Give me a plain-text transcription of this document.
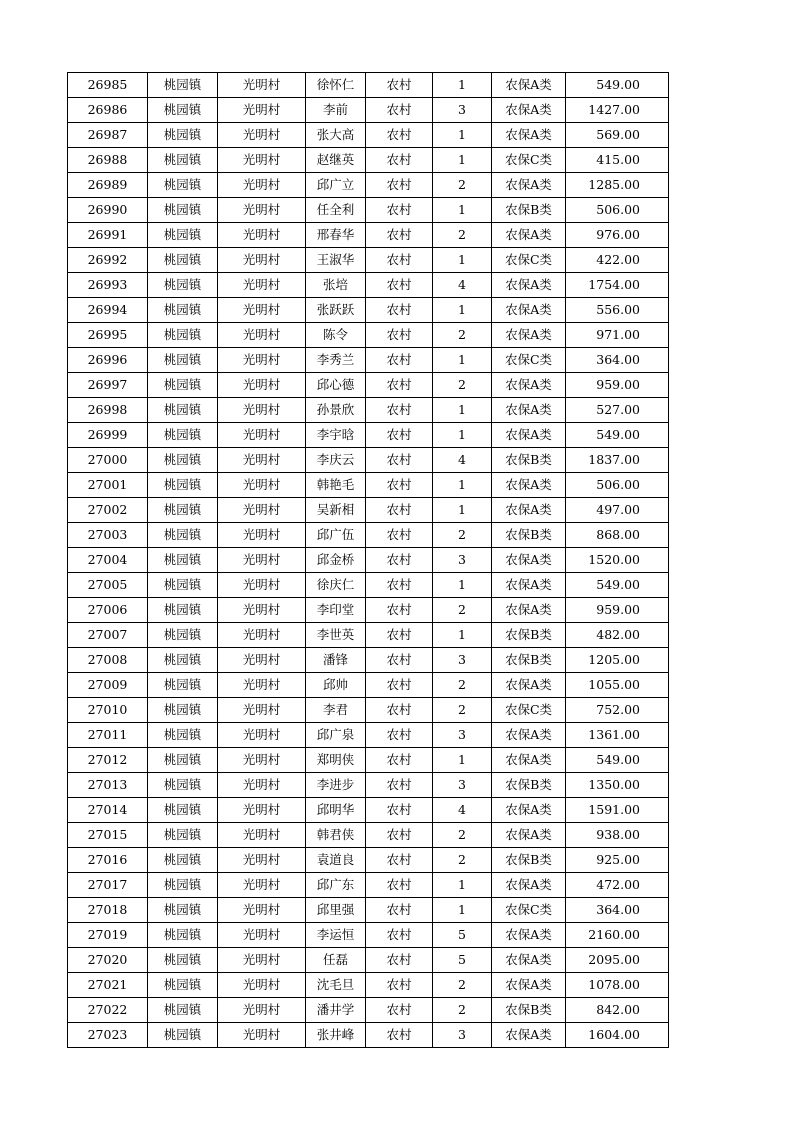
26985	桃园镇	光明村	徐怀仁	农村	1	农保A类	549.00
26986	桃园镇	光明村	李前	农村	3	农保A类	1427.00
26987	桃园镇	光明村	张大高	农村	1	农保A类	569.00
26988	桃园镇	光明村	赵继英	农村	1	农保C类	415.00
26989	桃园镇	光明村	邱广立	农村	2	农保A类	1285.00
26990	桃园镇	光明村	任全利	农村	1	农保B类	506.00
26991	桃园镇	光明村	邢春华	农村	2	农保A类	976.00
26992	桃园镇	光明村	王淑华	农村	1	农保C类	422.00
26993	桃园镇	光明村	张培	农村	4	农保A类	1754.00
26994	桃园镇	光明村	张跃跃	农村	1	农保A类	556.00
26995	桃园镇	光明村	陈令	农村	2	农保A类	971.00
26996	桃园镇	光明村	李秀兰	农村	1	农保C类	364.00
26997	桃园镇	光明村	邱心德	农村	2	农保A类	959.00
26998	桃园镇	光明村	孙景欣	农村	1	农保A类	527.00
26999	桃园镇	光明村	李宇晗	农村	1	农保A类	549.00
27000	桃园镇	光明村	李庆云	农村	4	农保B类	1837.00
27001	桃园镇	光明村	韩艳毛	农村	1	农保A类	506.00
27002	桃园镇	光明村	吴新相	农村	1	农保A类	497.00
27003	桃园镇	光明村	邱广伍	农村	2	农保B类	868.00
27004	桃园镇	光明村	邱金桥	农村	3	农保A类	1520.00
27005	桃园镇	光明村	徐庆仁	农村	1	农保A类	549.00
27006	桃园镇	光明村	李印堂	农村	2	农保A类	959.00
27007	桃园镇	光明村	李世英	农村	1	农保B类	482.00
27008	桃园镇	光明村	潘锋	农村	3	农保B类	1205.00
27009	桃园镇	光明村	邱帅	农村	2	农保A类	1055.00
27010	桃园镇	光明村	李君	农村	2	农保C类	752.00
27011	桃园镇	光明村	邱广泉	农村	3	农保A类	1361.00
27012	桃园镇	光明村	郑明侠	农村	1	农保A类	549.00
27013	桃园镇	光明村	李进步	农村	3	农保B类	1350.00
27014	桃园镇	光明村	邱明华	农村	4	农保A类	1591.00
27015	桃园镇	光明村	韩君侠	农村	2	农保A类	938.00
27016	桃园镇	光明村	袁道良	农村	2	农保B类	925.00
27017	桃园镇	光明村	邱广东	农村	1	农保A类	472.00
27018	桃园镇	光明村	邱里强	农村	1	农保C类	364.00
27019	桃园镇	光明村	李运恒	农村	5	农保A类	2160.00
27020	桃园镇	光明村	任磊	农村	5	农保A类	2095.00
27021	桃园镇	光明村	沈毛旦	农村	2	农保A类	1078.00
27022	桃园镇	光明村	潘井学	农村	2	农保B类	842.00
27023	桃园镇	光明村	张井峰	农村	3	农保A类	1604.00
